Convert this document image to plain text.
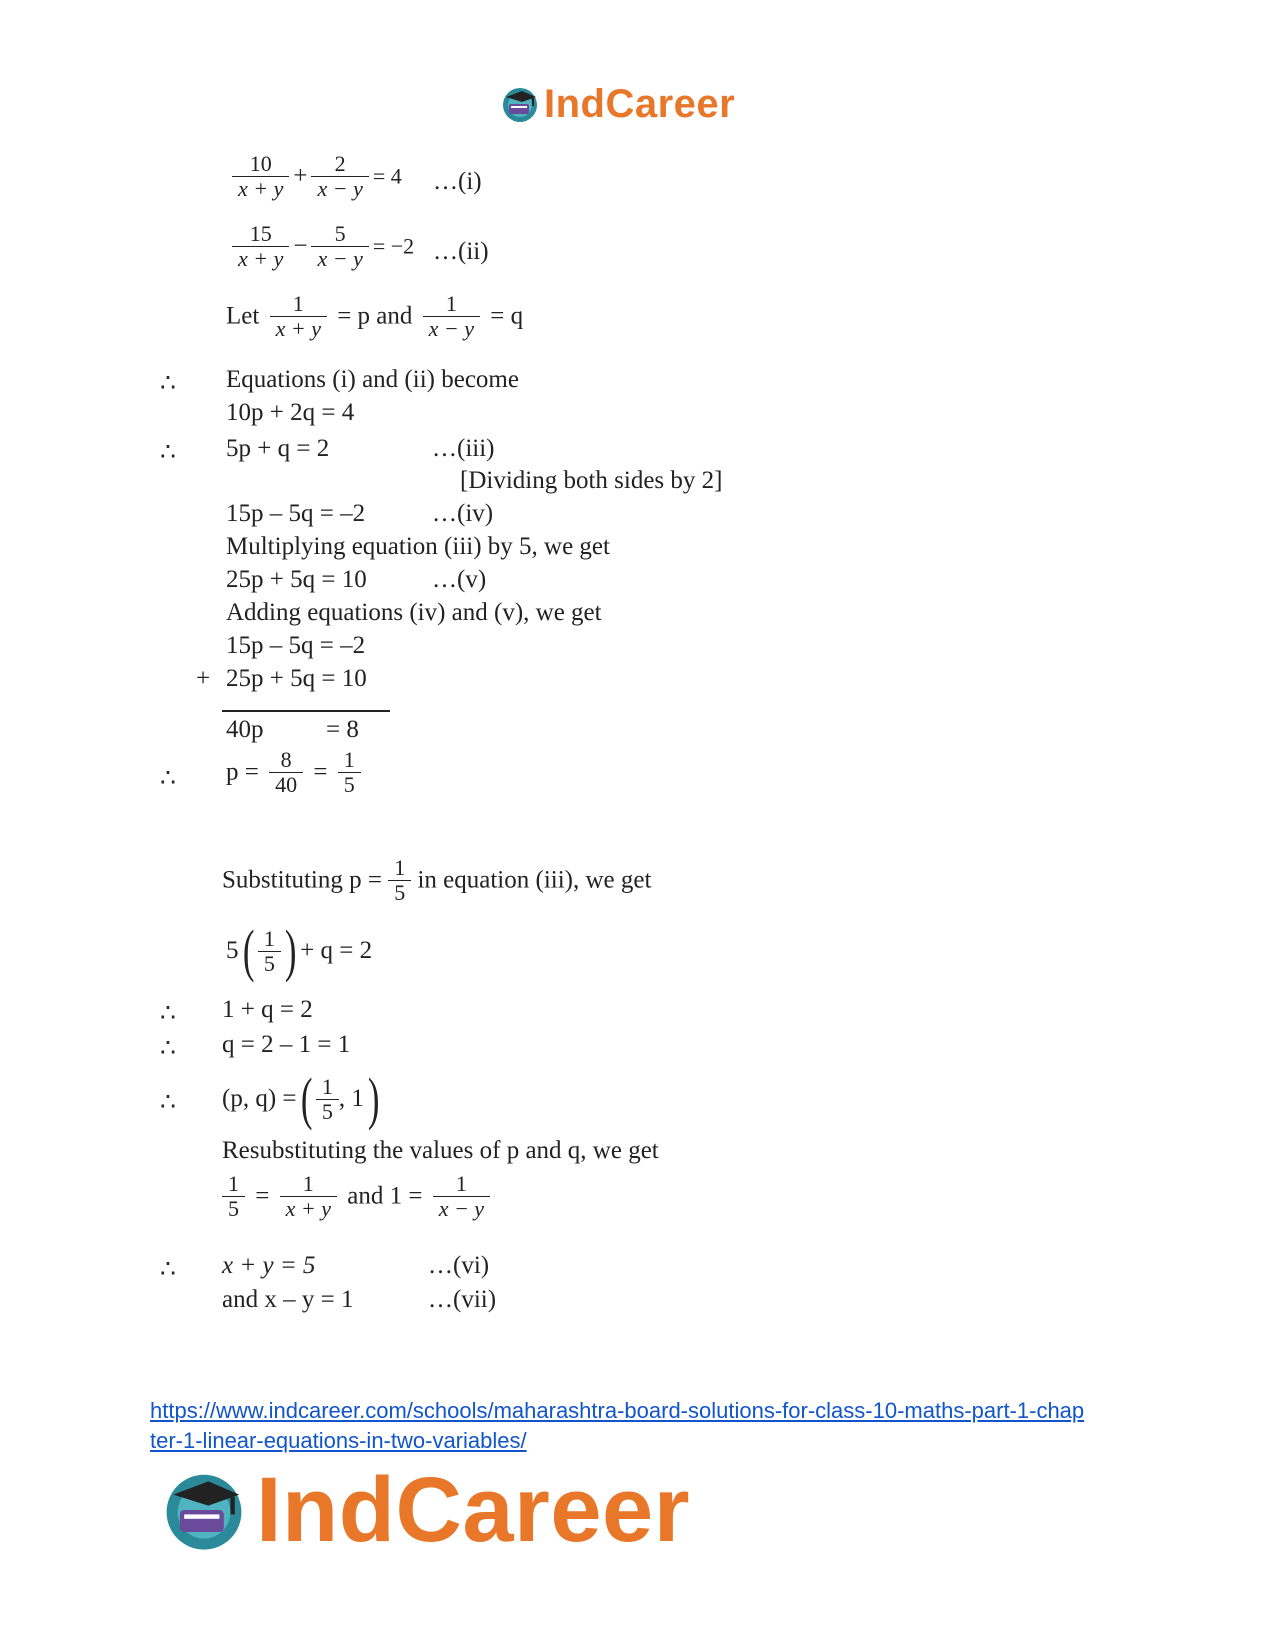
IndCareer
$\frac{10}{x + y} + \frac{2}{x - y} = 4$ …(i)
$\frac{15}{x + y} - \frac{5}{x - y} = -2$ …(ii)
Let $\frac{1}{x + y} = p$ and $\frac{1}{x - y} = q$
∴
∴
∴
∴
∴
∴
∴
Equations (i) and (ii) become
10p + 2q = 4
5p + q = 2	…(iii)
[Dividing both sides by 2]
15p – 5q = –2	…(iv)
Multiplying equation (iii) by 5, we get
25p + 5q = 10	…(v)
Adding equations (iv) and (v), we get
15p – 5q = –2
+ 25p + 5q = 10
40p	= 8
$p = \frac{8}{40} = \frac{1}{5}$
Substituting $p = \frac{1}{5}$ in equation (iii), we get
5 ( $\frac{1}{5}$ ) + q = 2
1 + q = 2
q = 2 – 1 = 1
(p, q) = ( $\frac{1}{5}$ , 1 )
Resubstituting the values of p and q, we get
$\frac{1}{5} = \frac{1}{x + y}$ and $1 = \frac{1}{x - y}$
x + y = 5	…(vi)
and x – y = 1	…(vii)
https://www.indcareer.com/schools/maharashtra-board-solutions-for-class-10-maths-part-1-chap
ter-1-linear-equations-in-two-variables/
IndCareer
